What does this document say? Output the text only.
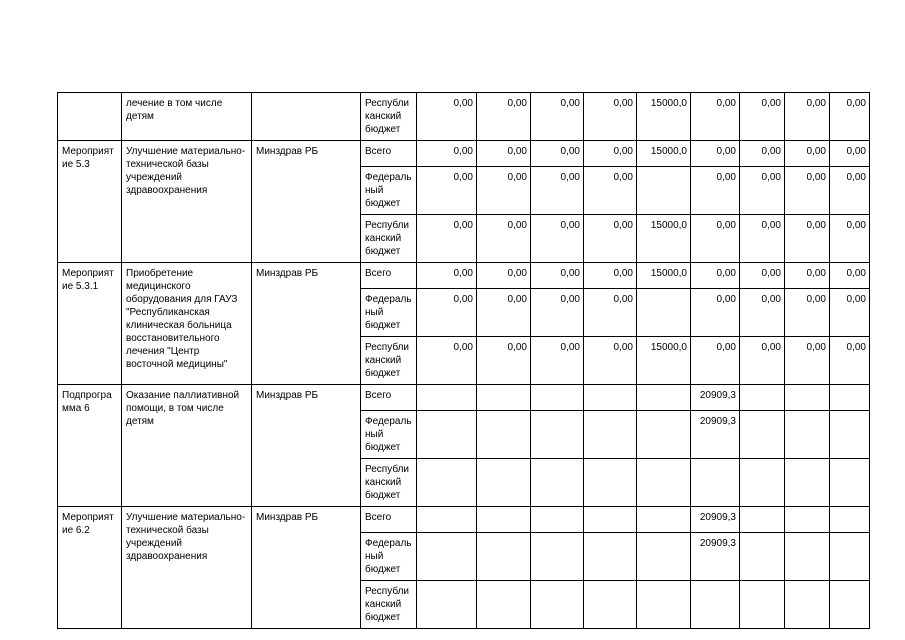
	лечение в том числе детям		Республиканский бюджет	0,00	0,00	0,00	0,00	15000,0	0,00	0,00	0,00	0,00
Мероприятие 5.3	Улучшение материально-технической базы учреждений здравоохранения	Минздрав РБ	Всего	0,00	0,00	0,00	0,00	15000,0	0,00	0,00	0,00	0,00
			Федеральный бюджет	0,00	0,00	0,00	0,00		0,00	0,00	0,00	0,00
			Республиканский бюджет	0,00	0,00	0,00	0,00	15000,0	0,00	0,00	0,00	0,00
Мероприятие 5.3.1	Приобретение медицинского оборудования для ГАУЗ "Республиканская клиническая больница восстановительного лечения "Центр восточной медицины"	Минздрав РБ	Всего	0,00	0,00	0,00	0,00	15000,0	0,00	0,00	0,00	0,00
			Федеральный бюджет	0,00	0,00	0,00	0,00		0,00	0,00	0,00	0,00
			Республиканский бюджет	0,00	0,00	0,00	0,00	15000,0	0,00	0,00	0,00	0,00
Подпрограмма 6	Оказание паллиативной помощи, в том числе детям	Минздрав РБ	Всего						20909,3			
			Федеральный бюджет						20909,3			
			Республиканский бюджет									
Мероприятие 6.2	Улучшение материально-технической базы учреждений здравоохранения	Минздрав РБ	Всего						20909,3			
			Федеральный бюджет						20909,3			
			Республиканский бюджет									
